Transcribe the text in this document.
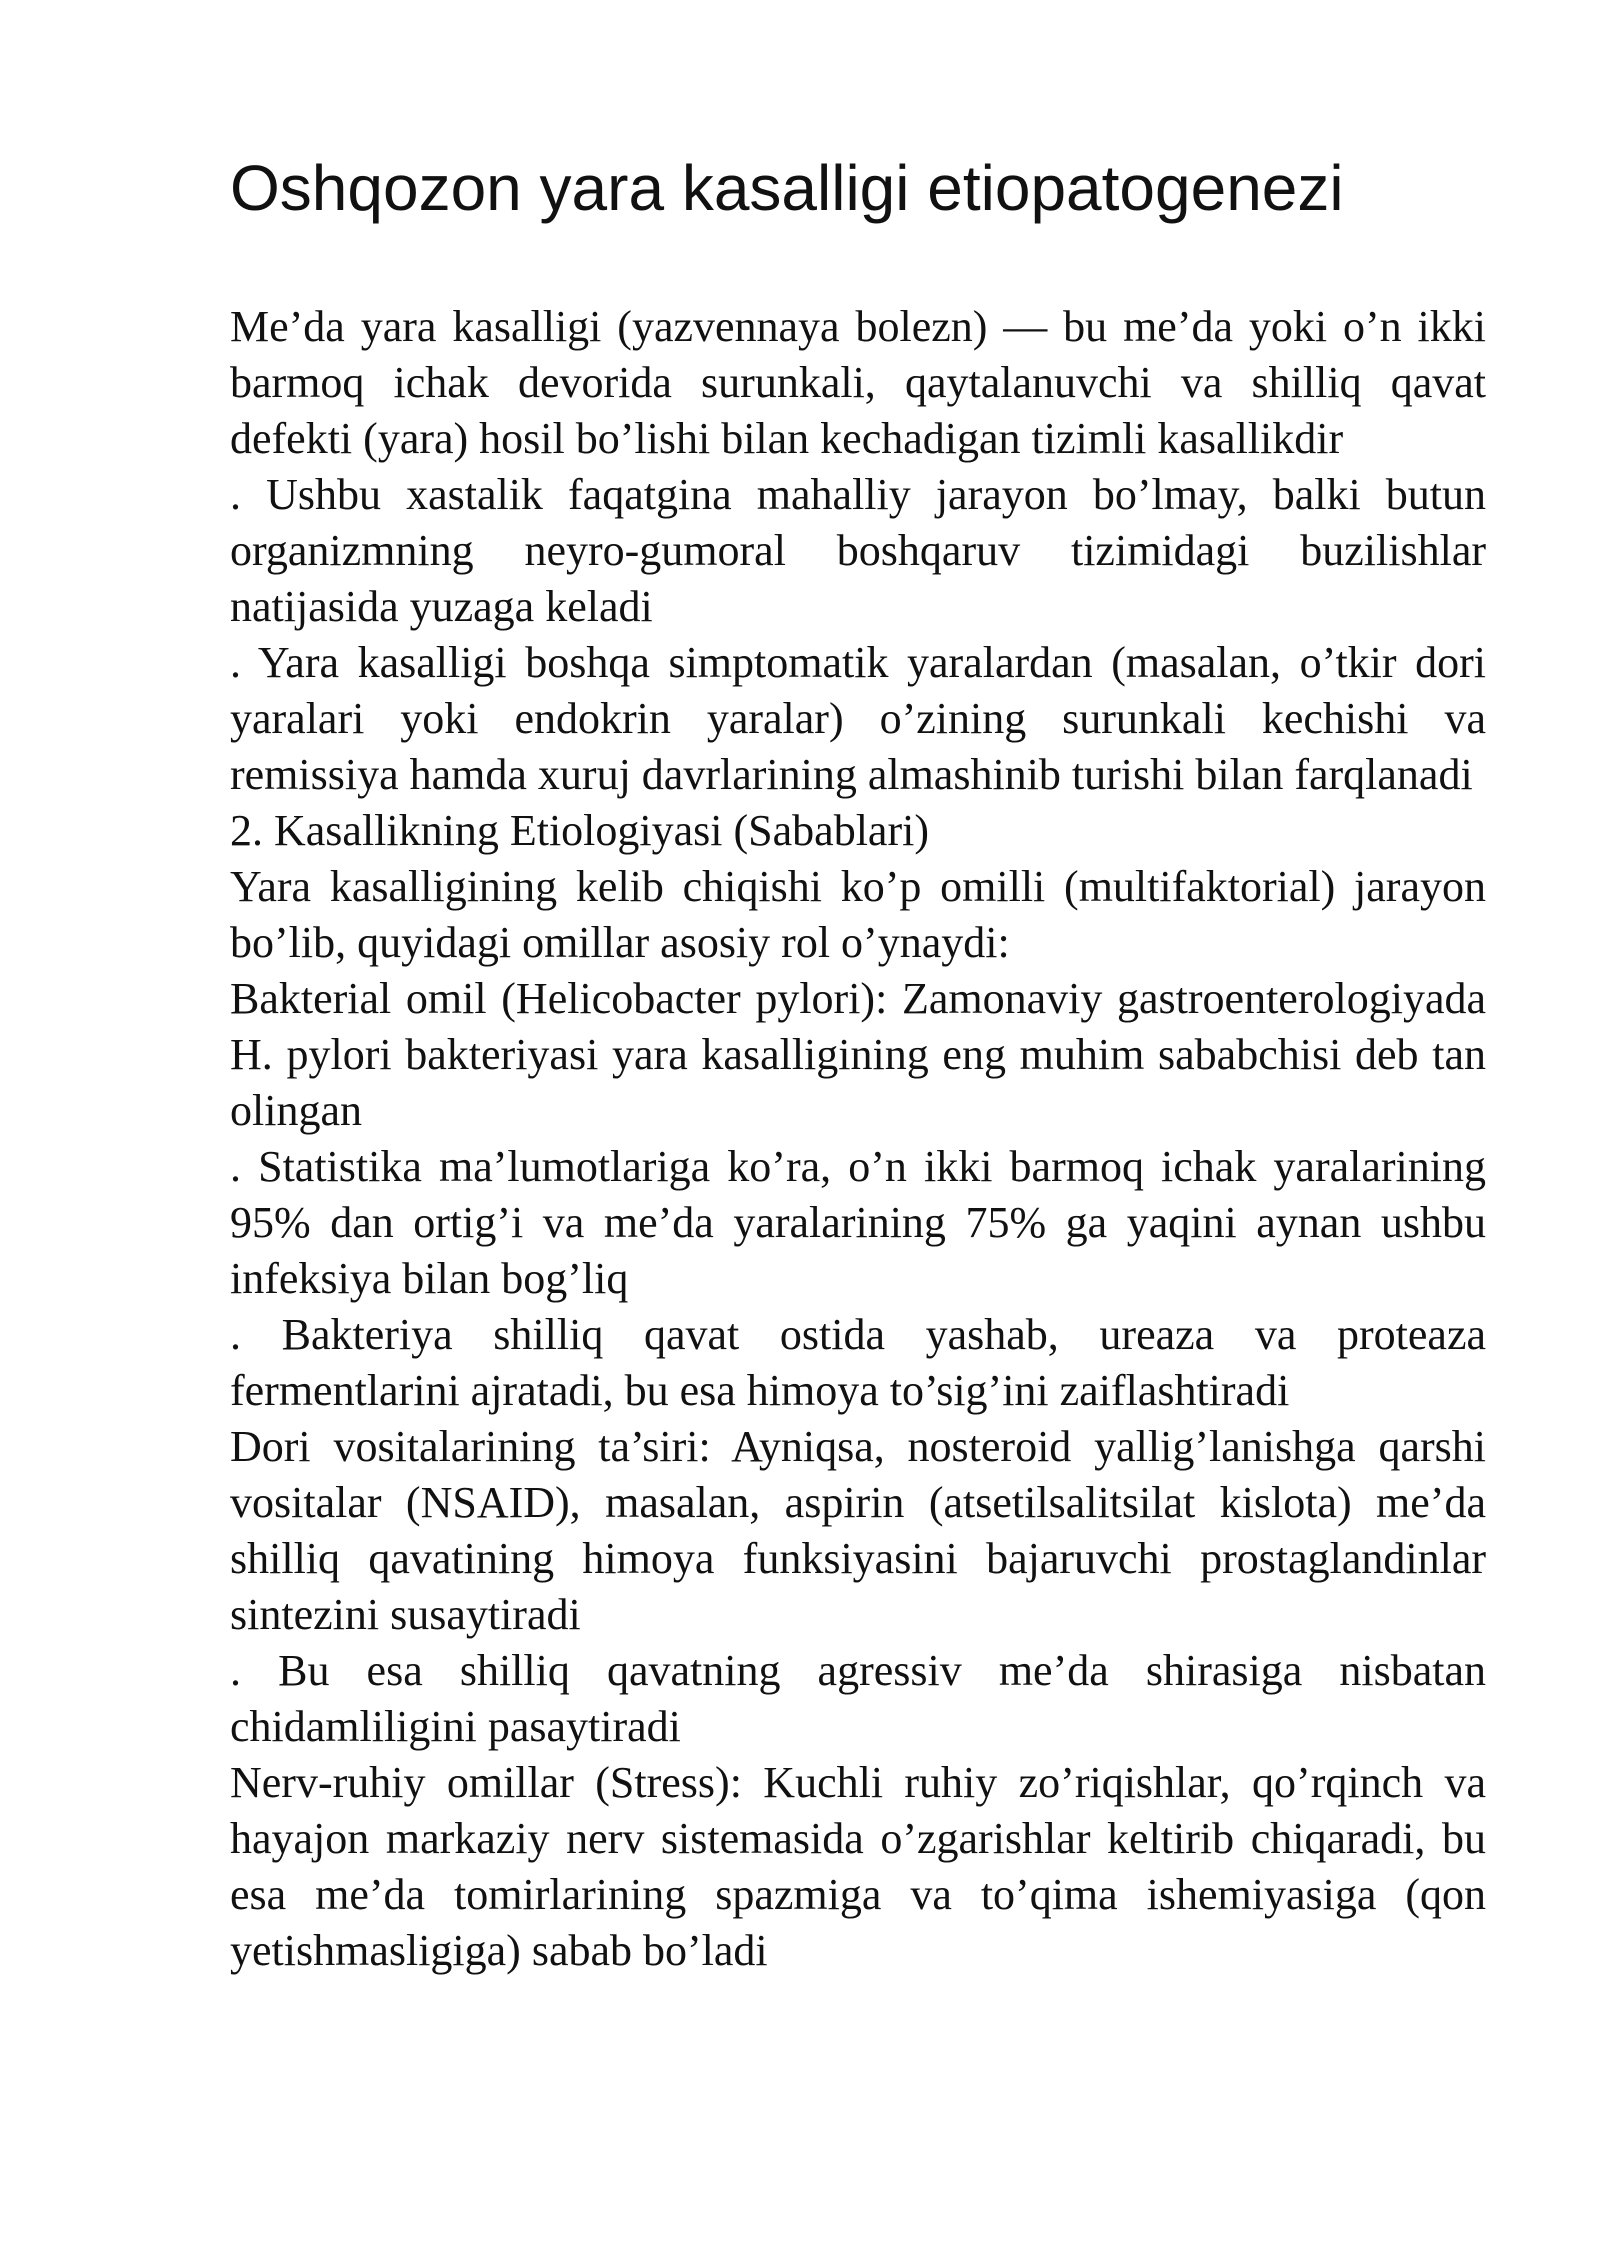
Oshqozon yara kasalligi etiopatogenezi

Me’da yara kasalligi (yazvennaya bolezn) — bu me’da yoki o’n ikki barmoq ichak devorida surunkali, qaytalanuvchi va shilliq qavat defekti (yara) hosil bo’lishi bilan kechadigan tizimli kasallikdir

. Ushbu xastalik faqatgina mahalliy jarayon bo’lmay, balki butun organizmning neyro-gumoral boshqaruv tizimidagi buzilishlar natijasida yuzaga keladi

. Yara kasalligi boshqa simptomatik yaralardan (masalan, o’tkir dori yaralari yoki endokrin yaralar) o’zining surunkali kechishi va remissiya hamda xuruj davrlarining almashinib turishi bilan farqlanadi

2. Kasallikning Etiologiyasi (Sabablari)

Yara kasalligining kelib chiqishi ko’p omilli (multifaktorial) jarayon bo’lib, quyidagi omillar asosiy rol o’ynaydi:

Bakterial omil (Helicobacter pylori): Zamonaviy gastroenterologiyada H. pylori bakteriyasi yara kasalligining eng muhim sababchisi deb tan olingan

. Statistika ma’lumotlariga ko’ra, o’n ikki barmoq ichak yaralarining 95% dan ortig’i va me’da yaralarining 75% ga yaqini aynan ushbu infeksiya bilan bog’liq

. Bakteriya shilliq qavat ostida yashab, ureaza va proteaza fermentlarini ajratadi, bu esa himoya to’sig’ini zaiflashtiradi

Dori vositalarining ta’siri: Ayniqsa, nosteroid yallig’lanishga qarshi vositalar (NSAID), masalan, aspirin (atsetilsalitsilat kislota) me’da shilliq qavatining himoya funksiyasini bajaruvchi prostaglandinlar sintezini susaytiradi

. Bu esa shilliq qavatning agressiv me’da shirasiga nisbatan chidamliligini pasaytiradi

Nerv-ruhiy omillar (Stress): Kuchli ruhiy zo’riqishlar, qo’rqinch va hayajon markaziy nerv sistemasida o’zgarishlar keltirib chiqaradi, bu esa me’da tomirlarining spazmiga va to’qima ishemiyasiga (qon yetishmasligiga) sabab bo’ladi
